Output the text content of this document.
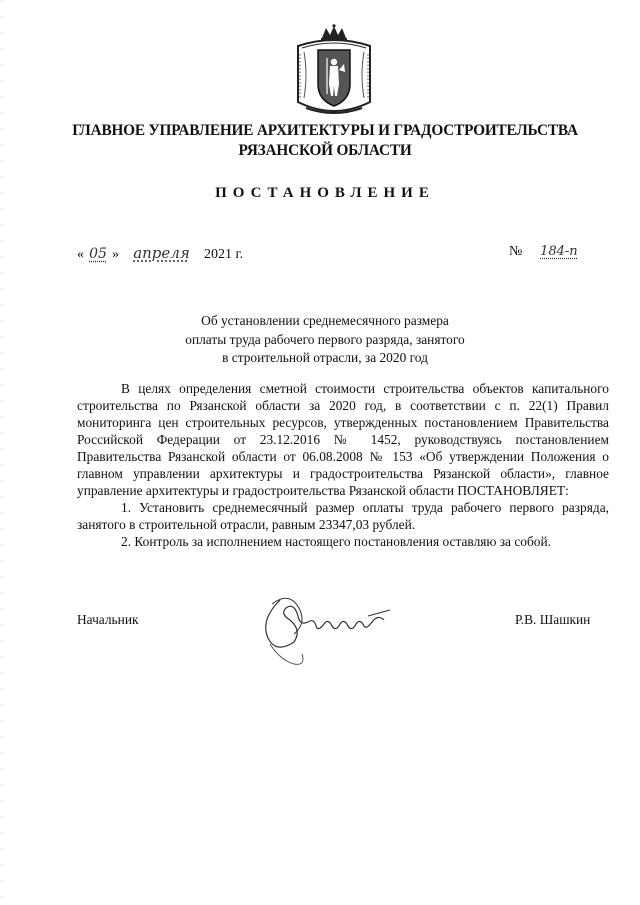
ГЛАВНОЕ УПРАВЛЕНИЕ АРХИТЕКТУРЫ И ГРАДОСТРОИТЕЛЬСТВА
РЯЗАНСКОЙ ОБЛАСТИ
ПОСТАНОВЛЕНИЕ
« 05 » апреля 2021 г.	№ 184-п
Об установлении среднемесячного размера
оплаты труда рабочего первого разряда, занятого
в строительной отрасли, за 2020 год

В целях определения сметной стоимости строительства объектов капитального строительства по Рязанской области за 2020 год, в соответствии с п. 22(1) Правил мониторинга цен строительных ресурсов, утвержденных постановлением Правительства Российской Федерации от 23.12.2016 № 1452, руководствуясь постановлением Правительства Рязанской области от 06.08.2008 № 153 «Об утверждении Положения о главном управлении архитектуры и градостроительства Рязанской области», главное управление архитектуры и градостроительства Рязанской области ПОСТАНОВЛЯЕТ:

1. Установить среднемесячный размер оплаты труда рабочего первого разряда, занятого в строительной отрасли, равным 23347,03 рублей.

2. Контроль за исполнением настоящего постановления оставляю за собой.

Начальник	Р.В. Шашкин
